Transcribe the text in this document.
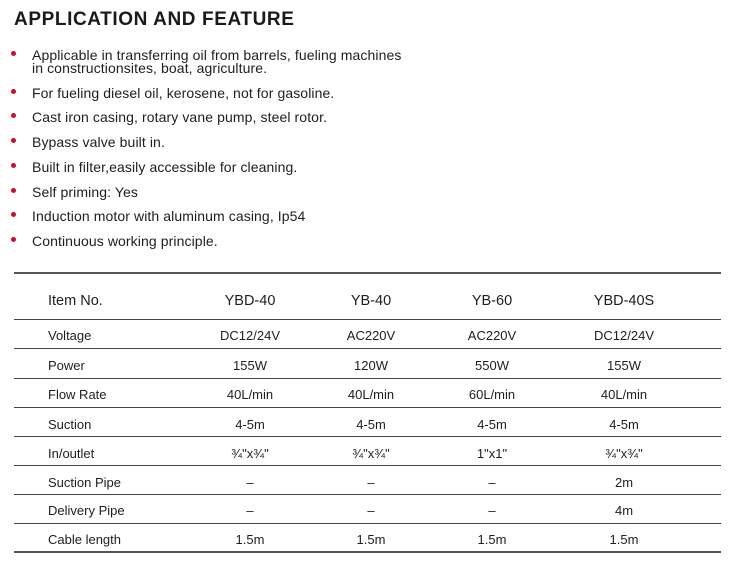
APPLICATION AND FEATURE
Applicable in transferring oil from barrels, fueling machines
in constructionsites, boat, agriculture.
For fueling diesel oil, kerosene, not for gasoline.
Cast iron casing, rotary vane pump, steel rotor.
Bypass valve built in.
Built in filter,easily accessible for cleaning.
Self priming: Yes
Induction motor with aluminum casing, Ip54
Continuous working principle.
Item No.	YBD-40	YB-40	YB-60	YBD-40S
Voltage	DC12/24V	AC220V	AC220V	DC12/24V
Power	155W	120W	550W	155W
Flow Rate	40L/min	40L/min	60L/min	40L/min
Suction	4-5m	4-5m	4-5m	4-5m
In/outlet	¾"x¾"	¾"x¾"	1"x1"	¾"x¾"
Suction Pipe	–	–	–	2m
Delivery Pipe	–	–	–	4m
Cable length	1.5m	1.5m	1.5m	1.5m
